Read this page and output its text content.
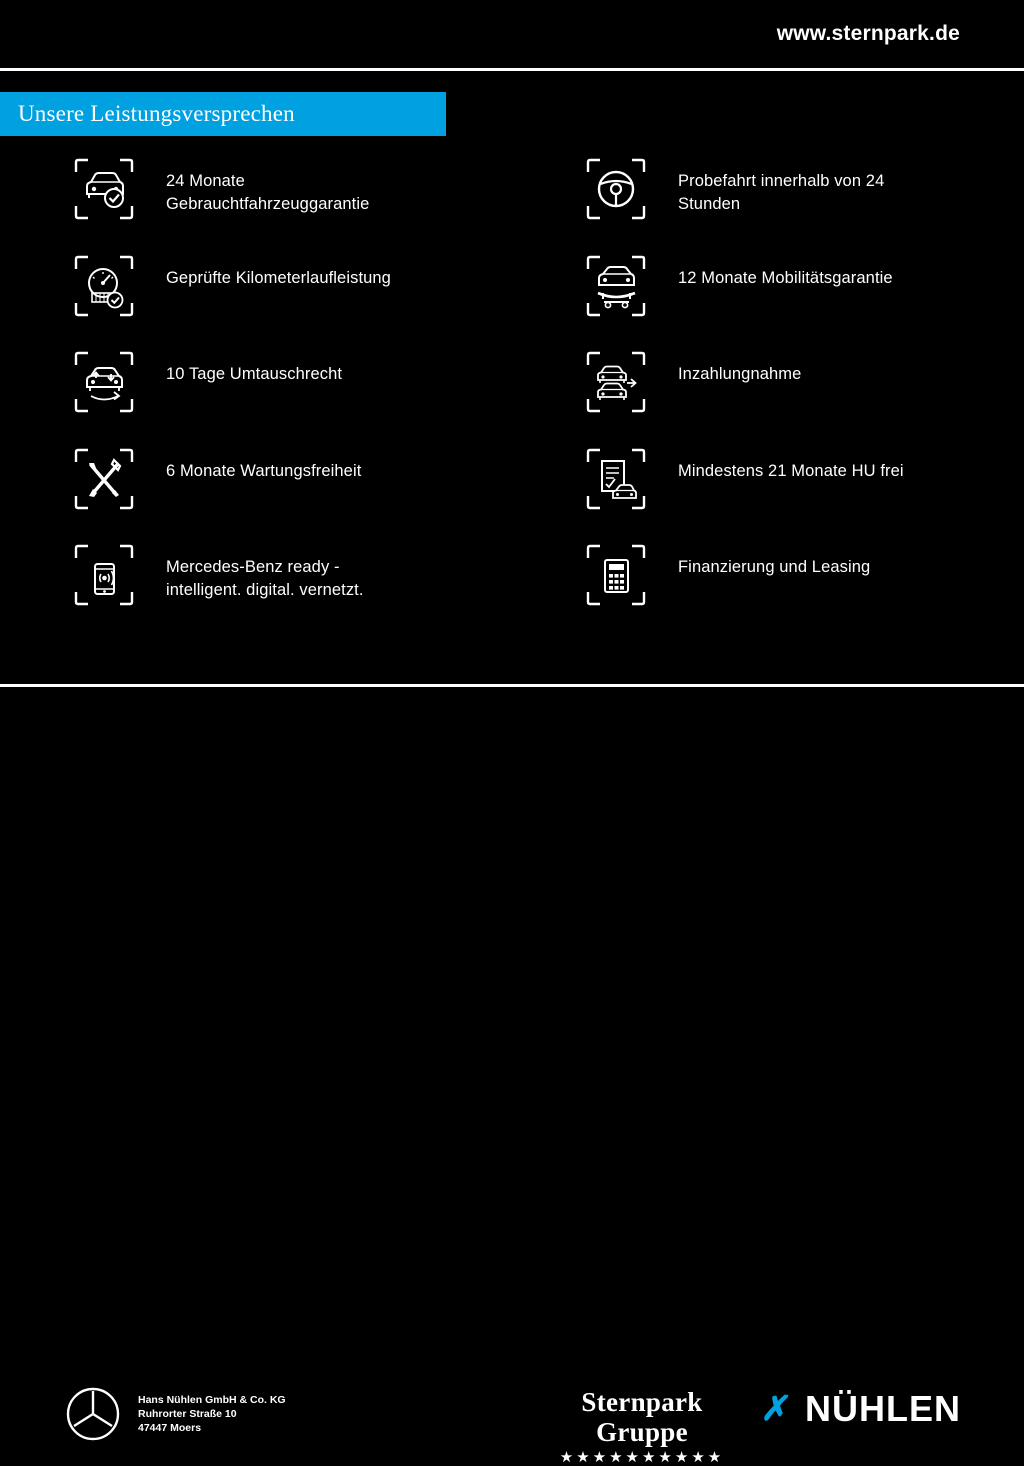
www.sternpark.de
Unsere Leistungsversprechen
24 Monate
Gebrauchtfahrzeuggarantie
Geprüfte Kilometerlaufleistung
10 Tage Umtauschrecht
6 Monate Wartungsfreiheit
Mercedes-Benz ready -
intelligent. digital. vernetzt.
Probefahrt innerhalb von 24
Stunden
12 Monate Mobilitätsgarantie
Inzahlungnahme
Mindestens 21 Monate HU frei
Finanzierung und Leasing
Hans Nühlen GmbH & Co. KG
Ruhrorter Straße 10
47447 Moers
Sternpark Gruppe
★★★★★★★★★★
✗ NÜHLEN
